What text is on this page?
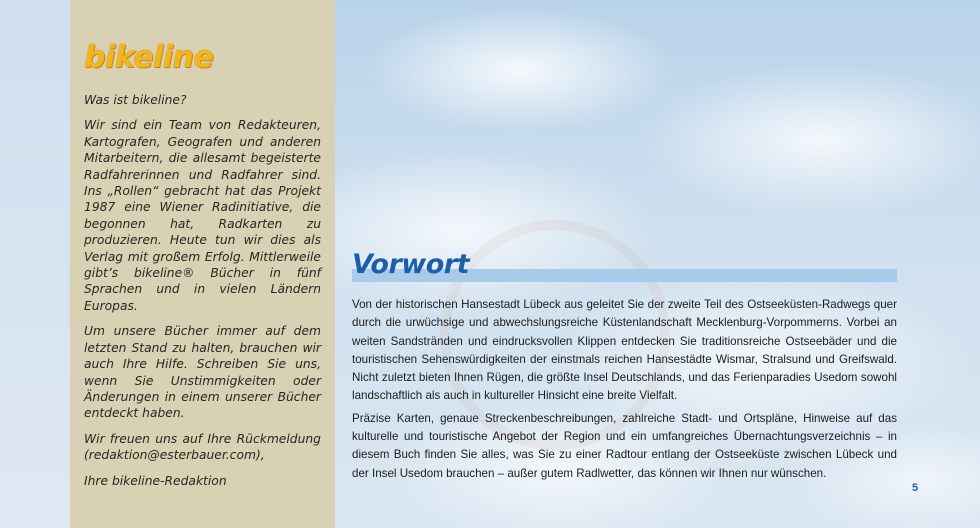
bikeline

Was ist bikeline?

Wir sind ein Team von Redakteuren, Kartografen, Geografen und anderen Mitarbeitern, die allesamt begeisterte Radfahrerinnen und Radfahrer sind. Ins „Rollen“ gebracht hat das Projekt 1987 eine Wiener Radinitiative, die begonnen hat, Radkarten zu produzieren. Heute tun wir dies als Verlag mit großem Erfolg. Mittlerweile gibt’s bikeline® Bücher in fünf Sprachen und in vielen Ländern Europas.

Um unsere Bücher immer auf dem letzten Stand zu halten, brauchen wir auch Ihre Hilfe. Schreiben Sie uns, wenn Sie Unstimmigkeiten oder Änderungen in einem unserer Bücher entdeckt haben.

Wir freuen uns auf Ihre Rückmeldung (redaktion@esterbauer.com),

Ihre bikeline-Redaktion

Vorwort

Von der historischen Hansestadt Lübeck aus geleitet Sie der zweite Teil des Ostseeküsten-Radwegs quer durch die urwüchsige und abwechslungsreiche Küstenlandschaft Mecklenburg-Vorpommerns. Vorbei an weiten Sandstränden und eindrucksvollen Klippen entdecken Sie traditionsreiche Ostseebäder und die touristischen Sehenswürdigkeiten der einstmals reichen Hansestädte Wismar, Stralsund und Greifswald. Nicht zuletzt bieten Ihnen Rügen, die größte Insel Deutschlands, und das Ferienparadies Usedom sowohl landschaftlich als auch in kultureller Hinsicht eine breite Vielfalt.

Präzise Karten, genaue Streckenbeschreibungen, zahlreiche Stadt- und Ortspläne, Hinweise auf das kulturelle und touristische Angebot der Region und ein umfangreiches Übernachtungsverzeichnis – in diesem Buch finden Sie alles, was Sie zu einer Radtour entlang der Ostseeküste zwischen Lübeck und der Insel Usedom brauchen – außer gutem Radlwetter, das können wir Ihnen nur wünschen.

5
